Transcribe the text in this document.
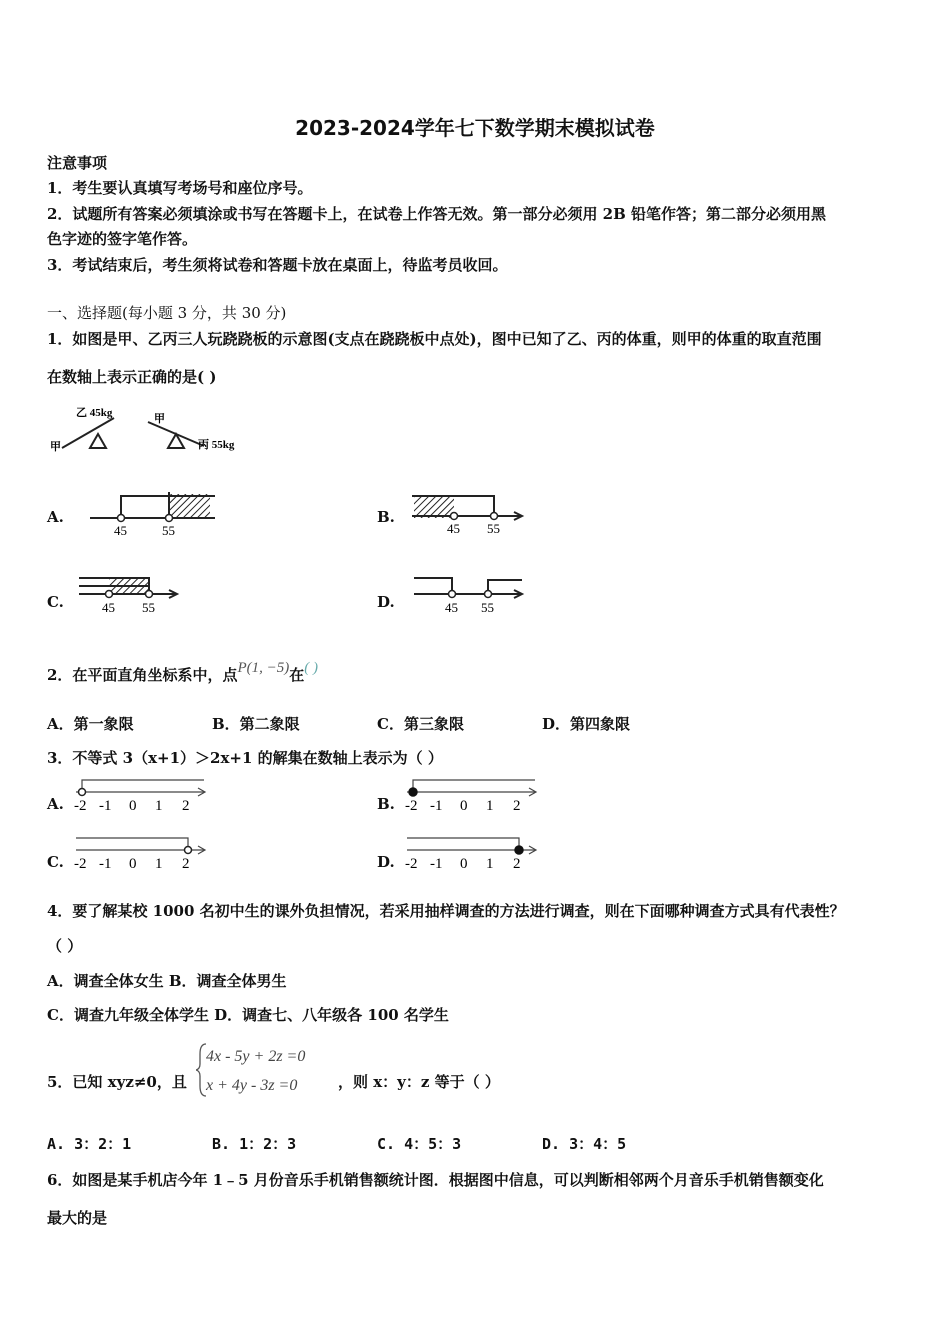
2023-2024学年七下数学期末模拟试卷
注意事项
1．考生要认真填写考场号和座位序号。
2．试题所有答案必须填涂或书写在答题卡上，在试卷上作答无效。第一部分必须用 2B 铅笔作答；第二部分必须用黑
色字迹的签字笔作答。
3．考试结束后，考生须将试卷和答题卡放在桌面上，待监考员收回。
一、选择题(每小题 3 分，共 30 分)
1．如图是甲、乙丙三人玩跷跷板的示意图(支点在跷跷板中点处)，图中已知了乙、丙的体重，则甲的体重的取直范围
在数轴上表示正确的是( )
乙 45kg
甲
甲
丙 55kg
A.
45	55
B.
45 55
C.	45 55	D.	45 55
2．在平面直角坐标系中，点P(1, −5)在( )
A．第一象限	B．第二象限	C．第三象限	D．第四象限
3．不等式 3（x+1）＞2x+1 的解集在数轴上表示为（ ）
A. -2 -1 0 1 2	B. -2 -1 0 1 2
C. -2 -1 0 1 2	D. -2 -1 0 1 2
4．要了解某校 1000 名初中生的课外负担情况，若采用抽样调查的方法进行调查，则在下面哪种调查方式具有代表性？
（ ）
A．调查全体女生 B．调查全体男生
C．调查九年级全体学生 D．调查七、八年级各 100 名学生
5．已知 xyz≠0，且
4x - 5y + 2z =0
x + 4y - 3z =0	，则 x：y：z 等于（ ）
A. 3：2：1	B. 1：2：3	C. 4：5：3	D. 3：4：5
6．如图是某手机店今年 1﹣5 月份音乐手机销售额统计图．根据图中信息，可以判断相邻两个月音乐手机销售额变化
最大的是
